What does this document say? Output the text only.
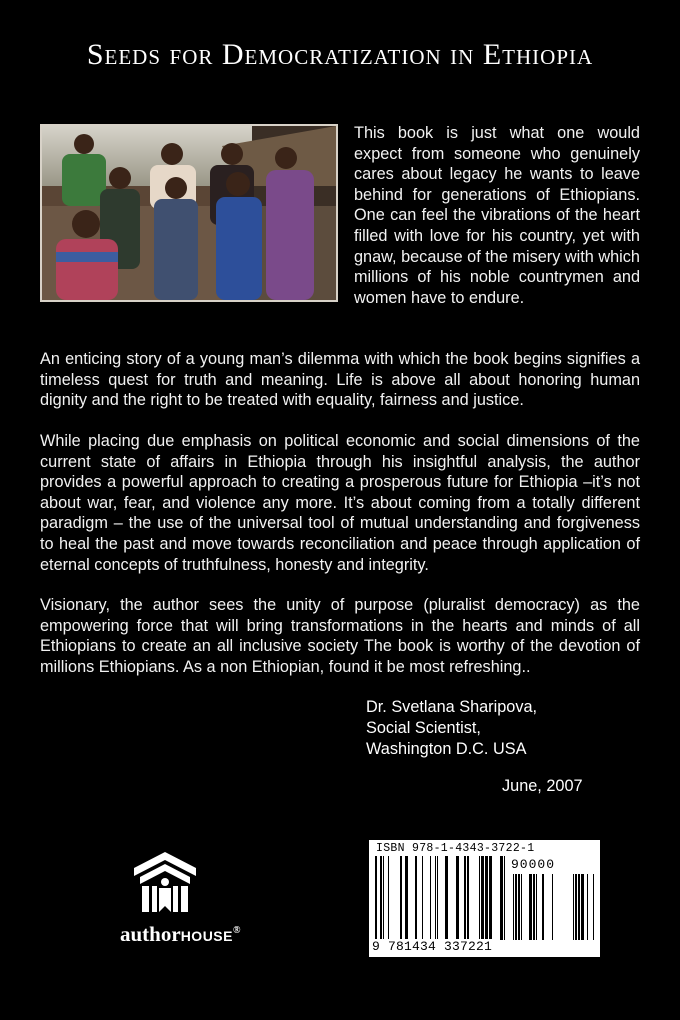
Seeds for Democratization in Ethiopia
This book is just what one would expect from someone who genuinely cares about legacy he wants to leave behind for generations of Ethiopians. One can feel the vibrations of the heart filled with love for his country, yet with gnaw, because of the misery with which millions of his noble countrymen and women have to endure.
An enticing story of a young man’s dilemma with which the book begins signifies a timeless quest for truth and meaning. Life is above all about honoring human dignity and the right to be treated with equality, fairness and justice.
While placing due emphasis on political economic and social dimensions of the current state of affairs in Ethiopia through his insightful analysis, the author provides a powerful approach to creating a prosperous future for Ethiopia –it’s not about war, fear, and violence any more. It’s about coming from a totally different paradigm – the use of the universal tool of mutual understanding and forgiveness to heal the past and move towards reconciliation and peace through application of eternal concepts of truthfulness, honesty and integrity.
Visionary, the author sees the unity of purpose (pluralist democracy) as the empowering force that will bring transformations in the hearts and minds of all Ethiopians to create an all inclusive society The book is worthy of the devotion of millions Ethiopians. As a non Ethiopian, found it be most refreshing..
Dr. Svetlana Sharipova,
Social Scientist,
Washington D.C. USA
June, 2007
authorHOUSE®
ISBN 978-1-4343-3722-1
90000
9 781434 337221
